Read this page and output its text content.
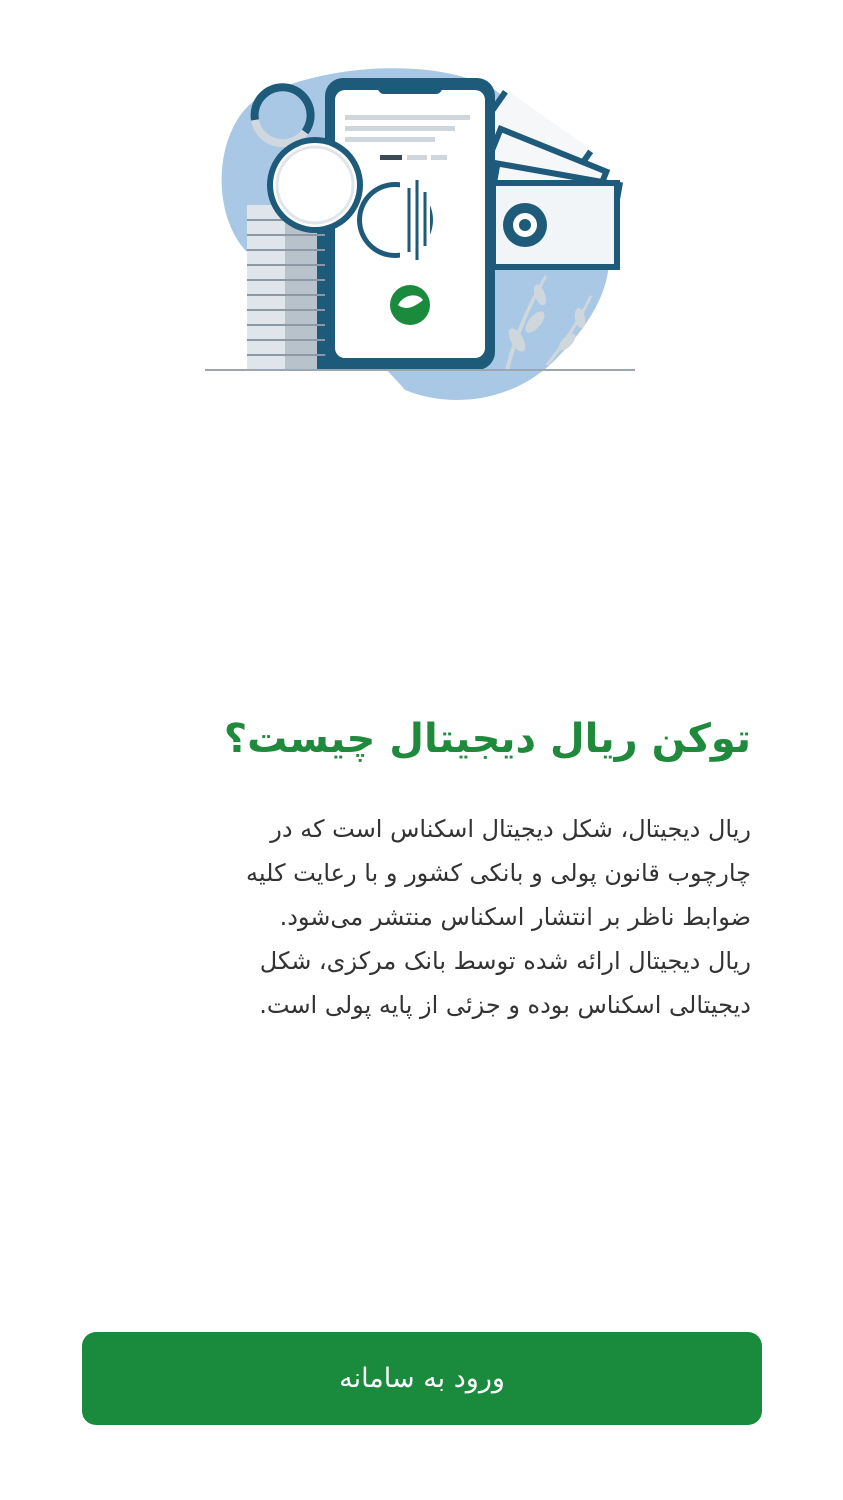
توکن ریال دیجیتال چیست؟

ریال دیجیتال، شکل دیجیتال اسکناس است که در
چارچوب قانون پولی و بانکی کشور و با رعایت کلیه
ضوابط ناظر بر انتشار اسکناس منتشر می‌شود.
ریال دیجیتال ارائه شده توسط بانک مرکزی، شکل
دیجیتالی اسکناس بوده و جزئی از پایه پولی است.

ورود به سامانه
